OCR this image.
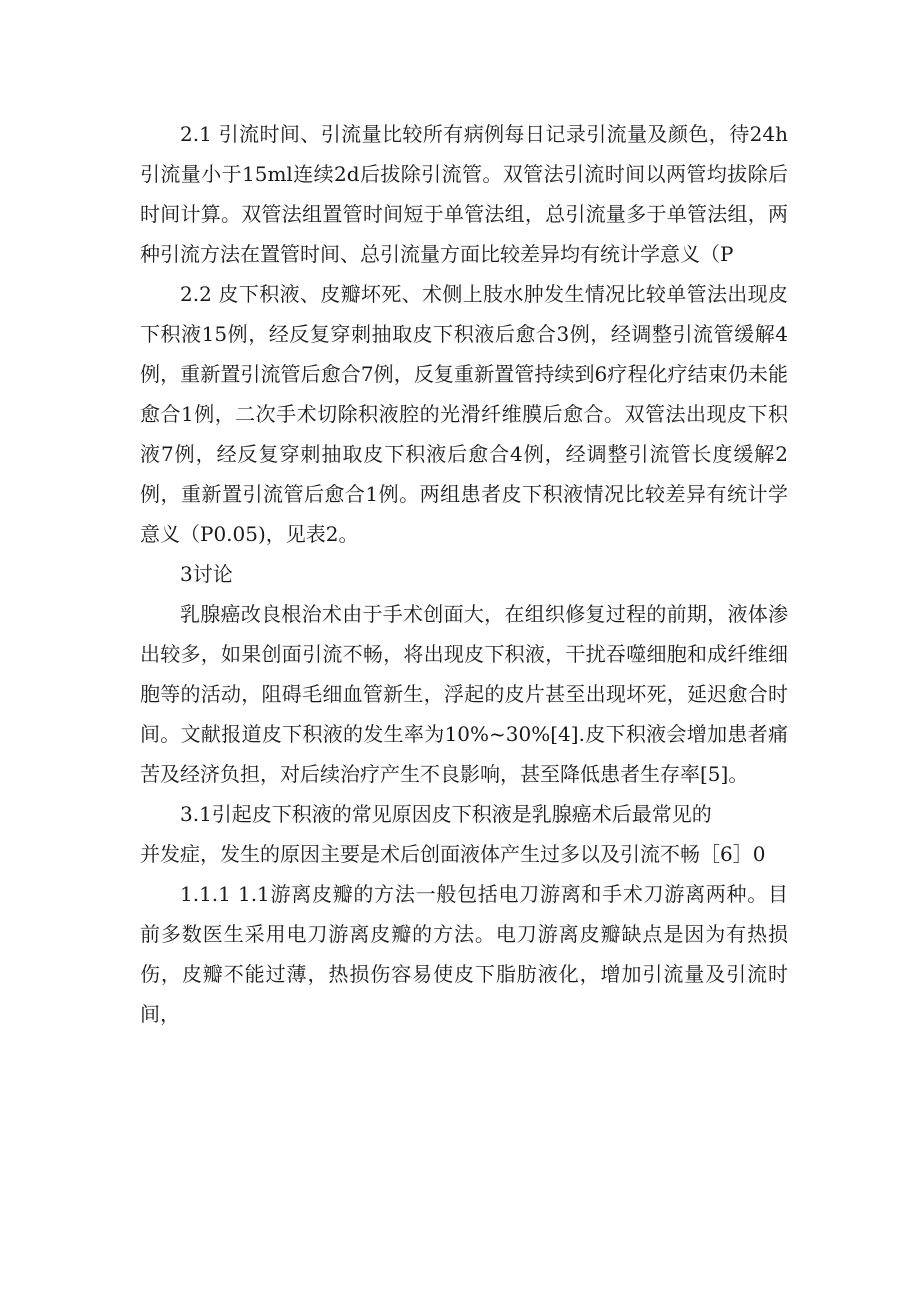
2.1 引流时间、引流量比较所有病例每日记录引流量及颜色，待24h引流量小于15ml连续2d后拔除引流管。双管法引流时间以两管均拔除后时间计算。双管法组置管时间短于单管法组，总引流量多于单管法组，两种引流方法在置管时间、总引流量方面比较差异均有统计学意义（P

2.2 皮下积液、皮瓣坏死、术侧上肢水肿发生情况比较单管法出现皮下积液15例，经反复穿刺抽取皮下积液后愈合3例，经调整引流管缓解4例，重新置引流管后愈合7例，反复重新置管持续到6疗程化疗结束仍未能愈合1例，二次手术切除积液腔的光滑纤维膜后愈合。双管法出现皮下积液7例，经反复穿刺抽取皮下积液后愈合4例，经调整引流管长度缓解2例，重新置引流管后愈合1例。两组患者皮下积液情况比较差异有统计学意义（P0.05)，见表2。

3讨论

乳腺癌改良根治术由于手术创面大，在组织修复过程的前期，液体渗出较多，如果创面引流不畅，将出现皮下积液，干扰吞噬细胞和成纤维细胞等的活动，阻碍毛细血管新生，浮起的皮片甚至出现坏死，延迟愈合时间。文献报道皮下积液的发生率为10%~30%[4].皮下积液会增加患者痛苦及经济负担，对后续治疗产生不良影响，甚至降低患者生存率[5]。

3.1引起皮下积液的常见原因皮下积液是乳腺癌术后最常见的

并发症，发生的原因主要是术后创面液体产生过多以及引流不畅［6］0

1.1.1 1.1游离皮瓣的方法一般包括电刀游离和手术刀游离两种。目前多数医生采用电刀游离皮瓣的方法。电刀游离皮瓣缺点是因为有热损伤，皮瓣不能过薄，热损伤容易使皮下脂肪液化，增加引流量及引流时间，
